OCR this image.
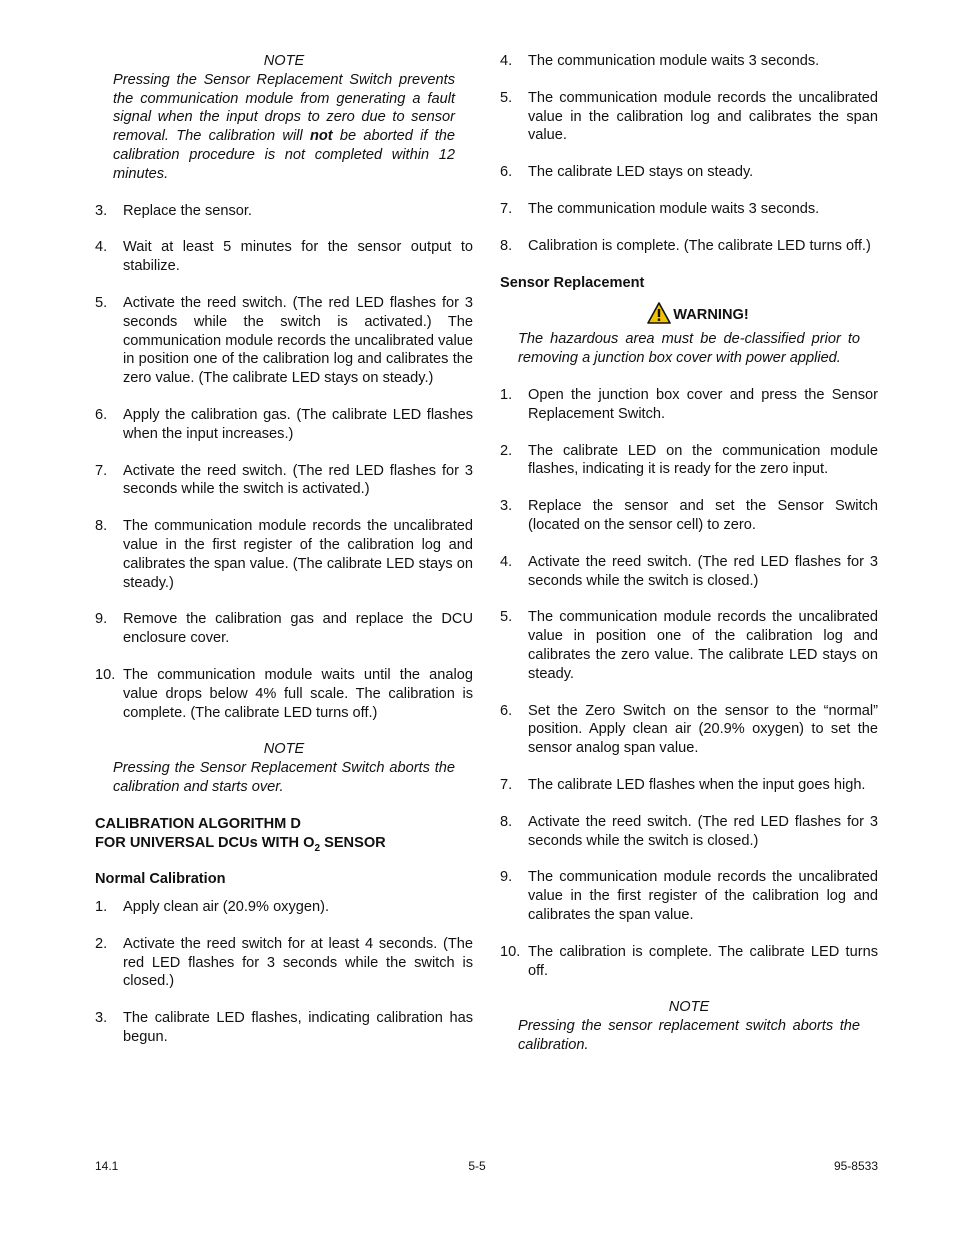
NOTE
Pressing the Sensor Replacement Switch prevents the communication module from generating a fault signal when the input drops to zero due to sensor removal. The calibration will not be aborted if the calibration procedure is not completed within 12 minutes.
3.	Replace the sensor.
4.	Wait at least 5 minutes for the sensor output to stabilize.
5.	Activate the reed switch. (The red LED flashes for 3 seconds while the switch is activated.) The communication module records the uncalibrated value in position one of the calibration log and calibrates the zero value. (The calibrate LED stays on steady.)
6.	Apply the calibration gas. (The calibrate LED flashes when the input increases.)
7.	Activate the reed switch. (The red LED flashes for 3 seconds while the switch is activated.)
8.	The communication module records the uncalibrated value in the first register of the calibration log and calibrates the span value. (The calibrate LED stays on steady.)
9.	Remove the calibration gas and replace the DCU enclosure cover.
10. The communication module waits until the analog value drops below 4% full scale. The calibration is complete. (The calibrate LED turns off.)
NOTE
Pressing the Sensor Replacement Switch aborts the calibration and starts over.
CALIBRATION ALGORITHM D
FOR UNIVERSAL DCUs WITH $O_2$ SENSOR
Normal Calibration
1.	Apply clean air (20.9% oxygen).
2.	Activate the reed switch for at least 4 seconds. (The red LED flashes for 3 seconds while the switch is closed.)
3.	The calibrate LED flashes, indicating calibration has begun.
4.	The communication module waits 3 seconds.
5.	The communication module records the uncalibrated value in the calibration log and calibrates the span value.
6.	The calibrate LED stays on steady.
7.	The communication module waits 3 seconds.
8.	Calibration is complete. (The calibrate LED turns off.)
Sensor Replacement
WARNING!
The hazardous area must be de-classified prior to removing a junction box cover with power applied.
1.	Open the junction box cover and press the Sensor Replacement Switch.
2.	The calibrate LED on the communication module flashes, indicating it is ready for the zero input.
3.	Replace the sensor and set the Sensor Switch (located on the sensor cell) to zero.
4.	Activate the reed switch. (The red LED flashes for 3 seconds while the switch is closed.)
5.	The communication module records the uncalibrated value in position one of the calibration log and calibrates the zero value. The calibrate LED stays on steady.
6.	Set the Zero Switch on the sensor to the “normal” position. Apply clean air (20.9% oxygen) to set the sensor analog span value.
7.	The calibrate LED flashes when the input goes high.
8.	Activate the reed switch. (The red LED flashes for 3 seconds while the switch is closed.)
9.	The communication module records the uncalibrated value in the first register of the calibration log and calibrates the span value.
10. The calibration is complete. The calibrate LED turns off.
NOTE
Pressing the sensor replacement switch aborts the calibration.
14.1	5-5	95-8533
